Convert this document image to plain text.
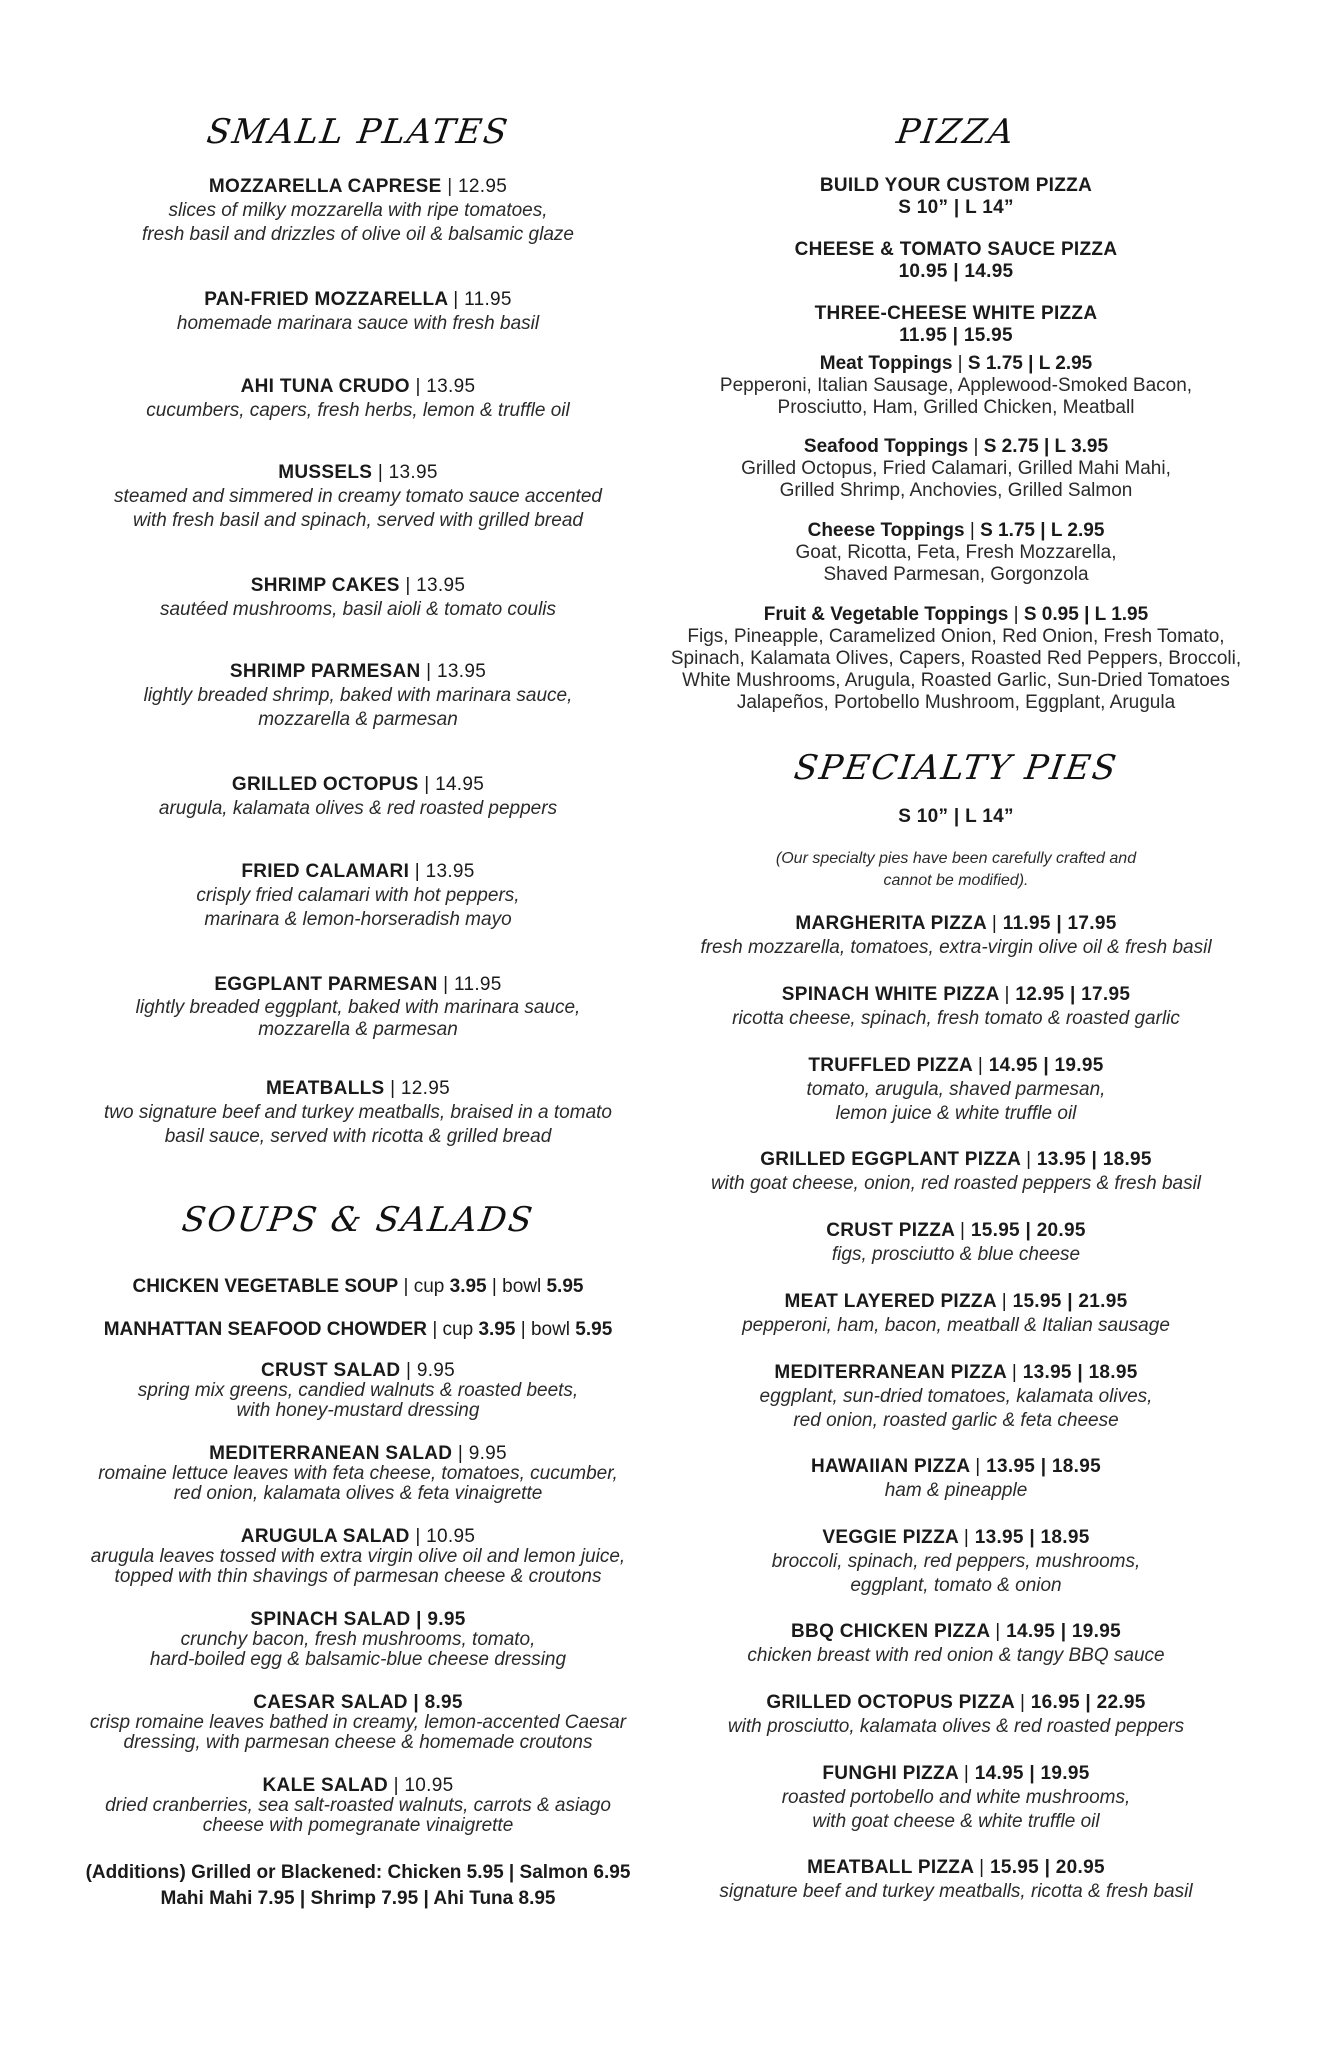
SMALL PLATES
MOZZARELLA CAPRESE | 12.95
slices of milky mozzarella with ripe tomatoes,
fresh basil and drizzles of olive oil & balsamic glaze
PAN-FRIED MOZZARELLA | 11.95
homemade marinara sauce with fresh basil
AHI TUNA CRUDO | 13.95
cucumbers, capers, fresh herbs, lemon & truffle oil
MUSSELS | 13.95
steamed and simmered in creamy tomato sauce accented
with fresh basil and spinach, served with grilled bread
SHRIMP CAKES | 13.95
sautéed mushrooms, basil aioli & tomato coulis
SHRIMP PARMESAN | 13.95
lightly breaded shrimp, baked with marinara sauce,
mozzarella & parmesan
GRILLED OCTOPUS | 14.95
arugula, kalamata olives & red roasted peppers
FRIED CALAMARI | 13.95
crisply fried calamari with hot peppers,
marinara & lemon-horseradish mayo
EGGPLANT PARMESAN | 11.95
lightly breaded eggplant, baked with marinara sauce,
mozzarella & parmesan
MEATBALLS | 12.95
two signature beef and turkey meatballs, braised in a tomato
basil sauce, served with ricotta & grilled bread
SOUPS & SALADS
CHICKEN VEGETABLE SOUP | cup 3.95 | bowl 5.95
MANHATTAN SEAFOOD CHOWDER | cup 3.95 | bowl 5.95
CRUST SALAD | 9.95
spring mix greens, candied walnuts & roasted beets,
with honey-mustard dressing
MEDITERRANEAN SALAD | 9.95
romaine lettuce leaves with feta cheese, tomatoes, cucumber,
red onion, kalamata olives & feta vinaigrette
ARUGULA SALAD | 10.95
arugula leaves tossed with extra virgin olive oil and lemon juice,
topped with thin shavings of parmesan cheese & croutons
SPINACH SALAD | 9.95
crunchy bacon, fresh mushrooms, tomato,
hard-boiled egg & balsamic-blue cheese dressing
CAESAR SALAD | 8.95
crisp romaine leaves bathed in creamy, lemon-accented Caesar
dressing, with parmesan cheese & homemade croutons
KALE SALAD | 10.95
dried cranberries, sea salt-roasted walnuts, carrots & asiago
cheese with pomegranate vinaigrette
(Additions) Grilled or Blackened: Chicken 5.95 | Salmon 6.95
Mahi Mahi 7.95 | Shrimp 7.95 | Ahi Tuna 8.95
PIZZA
BUILD YOUR CUSTOM PIZZA
S 10” | L 14”
CHEESE & TOMATO SAUCE PIZZA
10.95 | 14.95
THREE-CHEESE WHITE PIZZA
11.95 | 15.95
Meat Toppings | S 1.75 | L 2.95
Pepperoni, Italian Sausage, Applewood-Smoked Bacon,
Prosciutto, Ham, Grilled Chicken, Meatball
Seafood Toppings | S 2.75 | L 3.95
Grilled Octopus, Fried Calamari, Grilled Mahi Mahi,
Grilled Shrimp, Anchovies, Grilled Salmon
Cheese Toppings | S 1.75 | L 2.95
Goat, Ricotta, Feta, Fresh Mozzarella,
Shaved Parmesan, Gorgonzola
Fruit & Vegetable Toppings | S 0.95 | L 1.95
Figs, Pineapple, Caramelized Onion, Red Onion, Fresh Tomato,
Spinach, Kalamata Olives, Capers, Roasted Red Peppers, Broccoli,
White Mushrooms, Arugula, Roasted Garlic, Sun-Dried Tomatoes
Jalapeños, Portobello Mushroom, Eggplant, Arugula
SPECIALTY PIES
S 10” | L 14”
(Our specialty pies have been carefully crafted and
cannot be modified).
MARGHERITA PIZZA | 11.95 | 17.95
fresh mozzarella, tomatoes, extra-virgin olive oil & fresh basil
SPINACH WHITE PIZZA | 12.95 | 17.95
ricotta cheese, spinach, fresh tomato & roasted garlic
TRUFFLED PIZZA | 14.95 | 19.95
tomato, arugula, shaved parmesan,
lemon juice & white truffle oil
GRILLED EGGPLANT PIZZA | 13.95 | 18.95
with goat cheese, onion, red roasted peppers & fresh basil
CRUST PIZZA | 15.95 | 20.95
figs, prosciutto & blue cheese
MEAT LAYERED PIZZA | 15.95 | 21.95
pepperoni, ham, bacon, meatball & Italian sausage
MEDITERRANEAN PIZZA | 13.95 | 18.95
eggplant, sun-dried tomatoes, kalamata olives,
red onion, roasted garlic & feta cheese
HAWAIIAN PIZZA | 13.95 | 18.95
ham & pineapple
VEGGIE PIZZA | 13.95 | 18.95
broccoli, spinach, red peppers, mushrooms,
eggplant, tomato & onion
BBQ CHICKEN PIZZA | 14.95 | 19.95
chicken breast with red onion & tangy BBQ sauce
GRILLED OCTOPUS PIZZA | 16.95 | 22.95
with prosciutto, kalamata olives & red roasted peppers
FUNGHI PIZZA | 14.95 | 19.95
roasted portobello and white mushrooms,
with goat cheese & white truffle oil
MEATBALL PIZZA | 15.95 | 20.95
signature beef and turkey meatballs, ricotta & fresh basil
